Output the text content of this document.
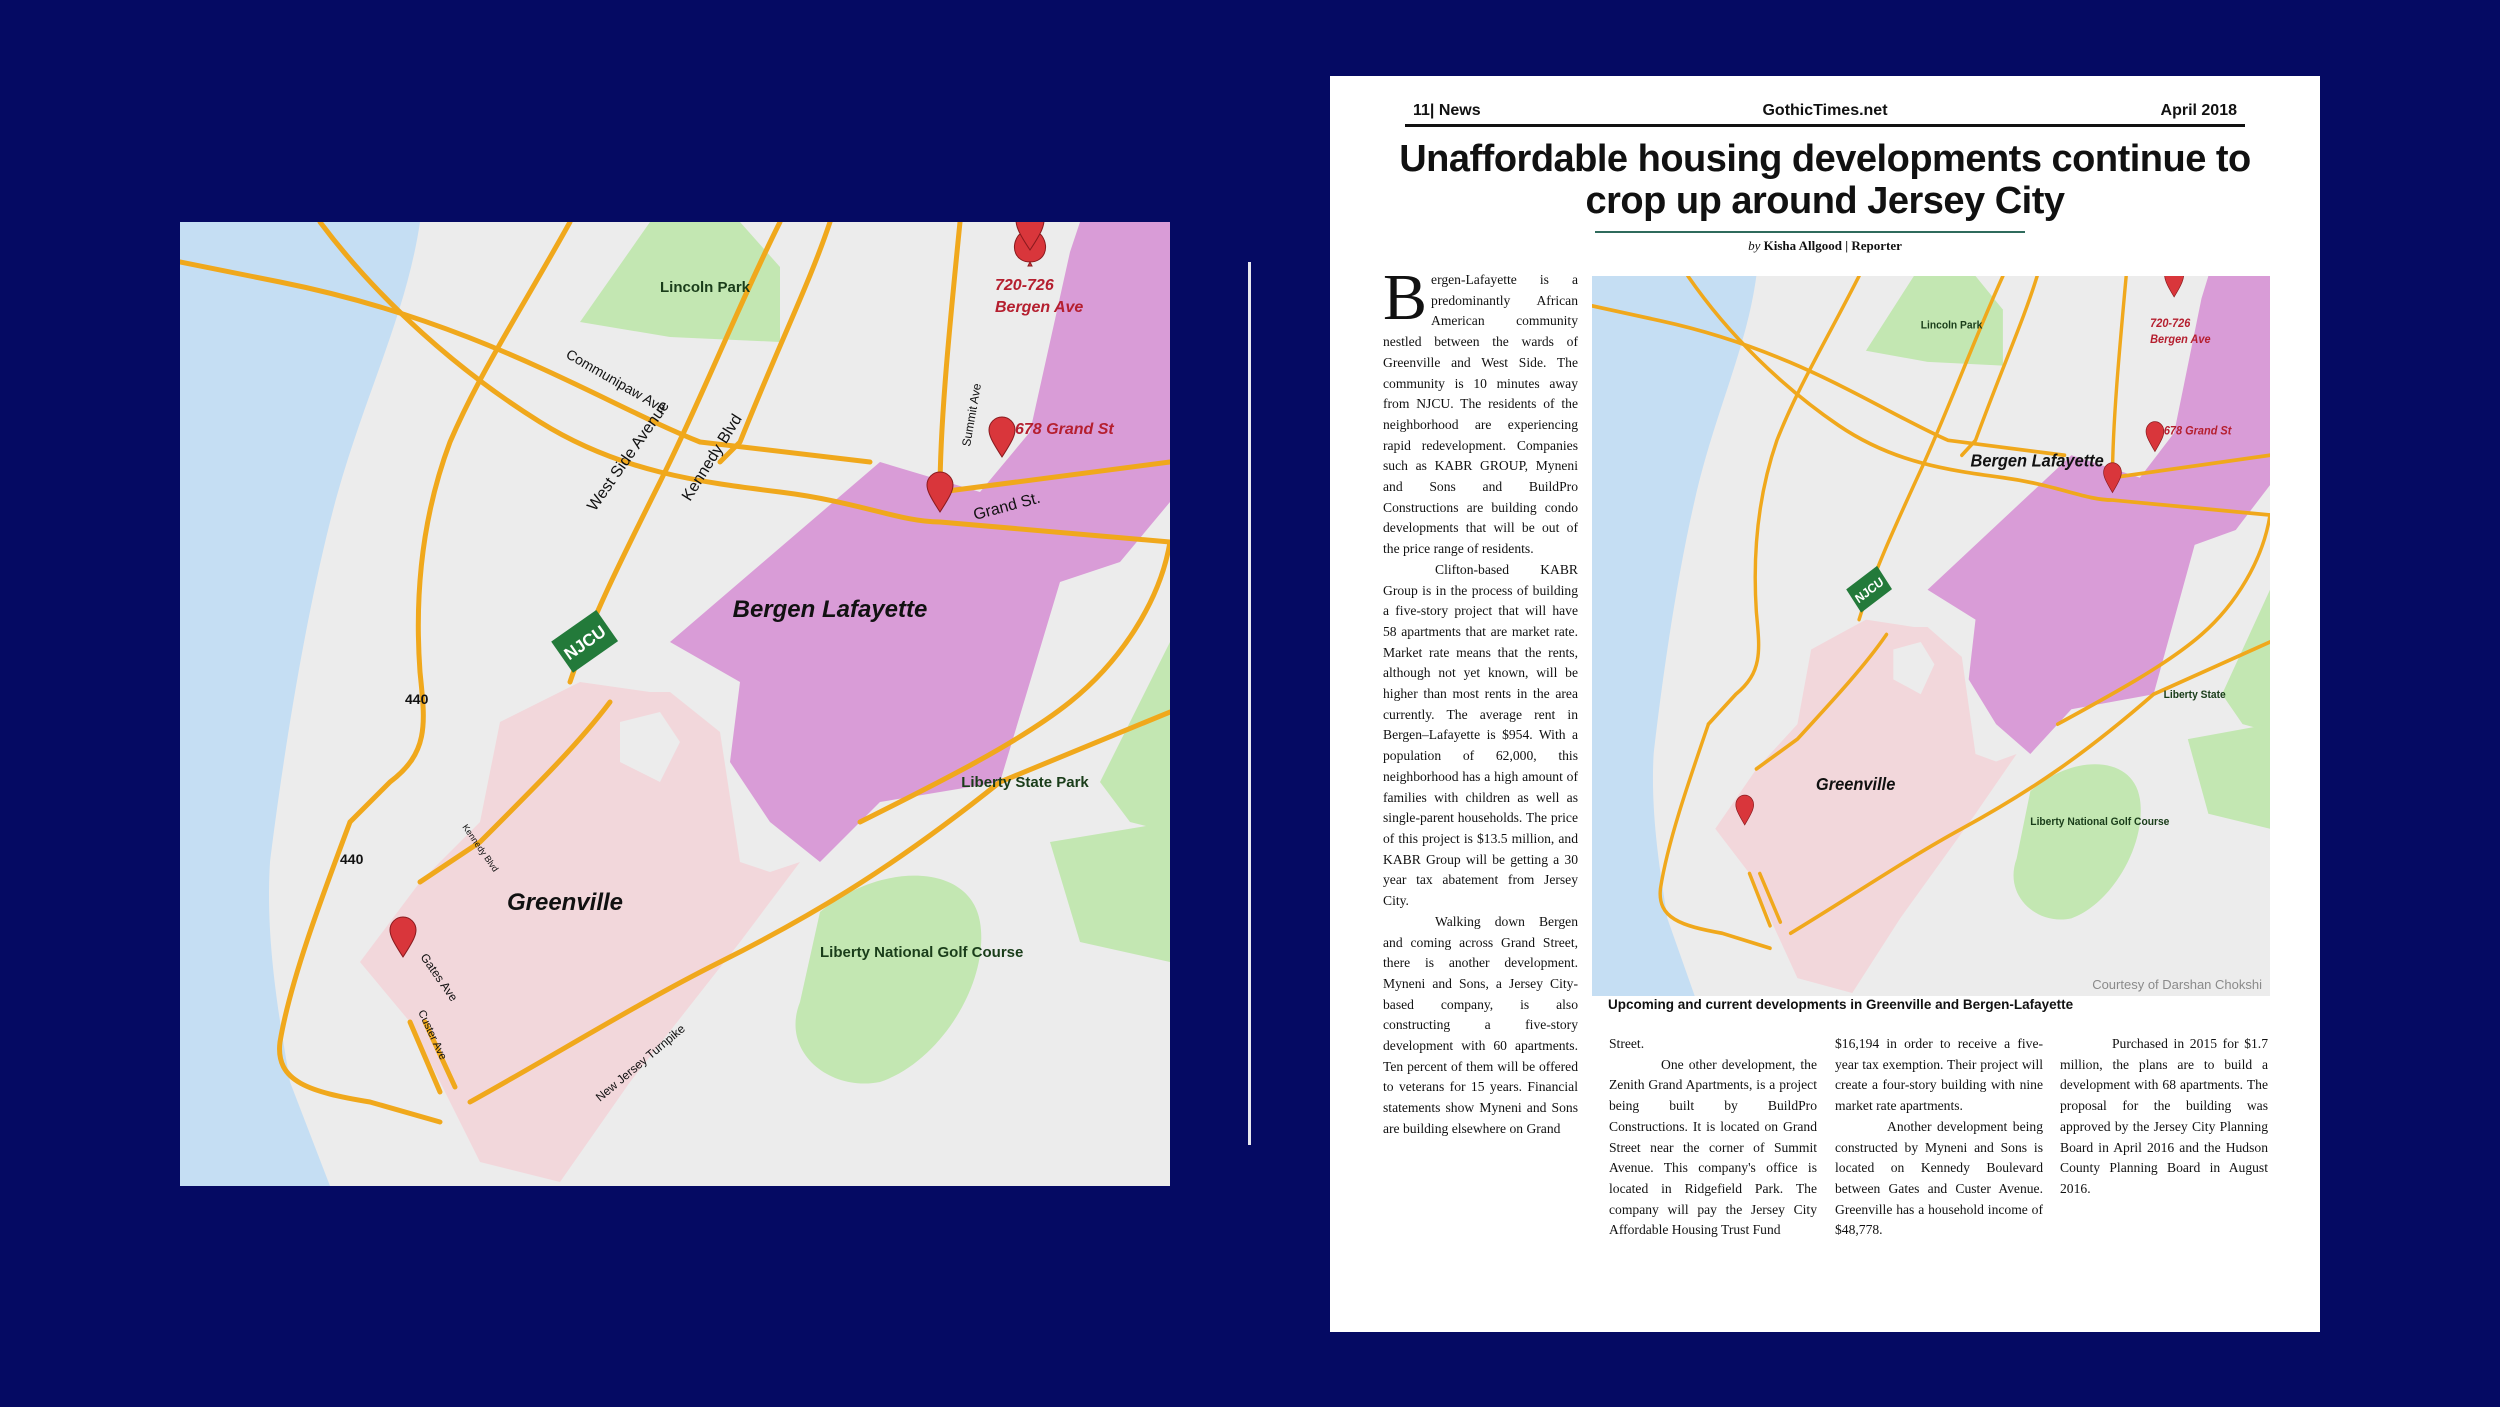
Bergen Lafayette
Greenville
Lincoln Park
Liberty State Park
Liberty National Golf Course
Communipaw Ave
West Side Avenue Kennedy Blvd	Summit Ave
Grand St.
Gates Ave
Custer Ave
Kennedy Blvd
New Jersey Turnpike
440
440
720-726
Bergen Ave
678 Grand St
NJCU
11| News	GothicTimes.net	April 2018
Unaffordable housing developments continue to crop up around Jersey City
by Kisha Allgood | Reporter

Bergen-Lafayette is a predominantly African American community nestled between the wards of Greenville and West Side. The community is 10 minutes away from NJCU. The residents of the neighborhood are experiencing rapid redevelopment. Companies such as KABR GROUP, Myneni and Sons and BuildPro Constructions are building condo developments that will be out of the price range of residents.

Clifton-based KABR Group is in the process of building a five-story project that will have 58 apartments that are market rate. Market rate means that the rents, although not yet known, will be higher than most rents in the area currently. The average rent in Bergen–Lafayette is $954. With a population of 62,000, this neighborhood has a high amount of families with children as well as single-parent households. The price of this project is $13.5 million, and KABR Group will be getting a 30 year tax abatement from Jersey City.

Walking down Bergen and coming across Grand Street, there is another development. Myneni and Sons, a Jersey City-based company, is also constructing a five-story development with 60 apartments. Ten percent of them will be offered to veterans for 15 years. Financial statements show Myneni and Sons are building elsewhere on Grand

Bergen Lafayette
Greenville
Lincoln Park
Liberty State
Liberty National Golf Course
720-726
Bergen Ave
678 Grand St
NJCU
Courtesy of Darshan Chokshi
Upcoming and current developments in Greenville and Bergen-Lafayette

Street.

One other development, the Zenith Grand Apartments, is a project being built by BuildPro Constructions. It is located on Grand Street near the corner of Summit Avenue. This company's office is located in Ridgefield Park. The company will pay the Jersey City Affordable Housing Trust Fund

$16,194 in order to receive a five-year tax exemption. Their project will create a four-story building with nine market rate apartments.

Another development being constructed by Myneni and Sons is located on Kennedy Boulevard between Gates and Custer Avenue. Greenville has a household income of $48,778.

Purchased in 2015 for $1.7 million, the plans are to build a development with 68 apartments. The proposal for the building was approved by the Jersey City Planning Board in April 2016 and the Hudson County Planning Board in August 2016.
